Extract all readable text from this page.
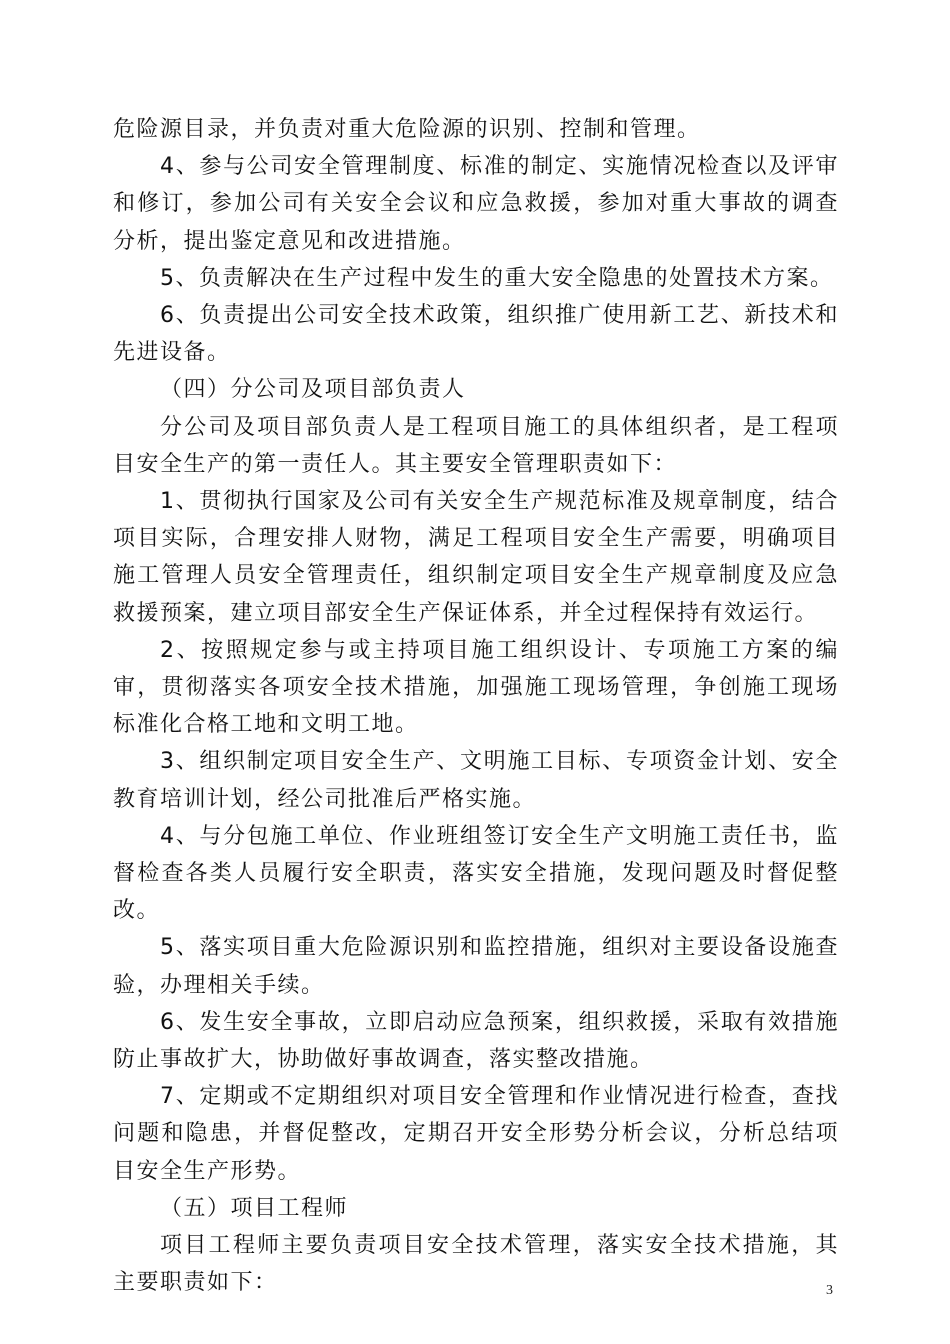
危险源目录，并负责对重大危险源的识别、控制和管理。

4、参与公司安全管理制度、标准的制定、实施情况检查以及评审和修订，参加公司有关安全会议和应急救援，参加对重大事故的调查分析，提出鉴定意见和改进措施。

5、负责解决在生产过程中发生的重大安全隐患的处置技术方案。

6、负责提出公司安全技术政策，组织推广使用新工艺、新技术和先进设备。

（四）分公司及项目部负责人

分公司及项目部负责人是工程项目施工的具体组织者，是工程项目安全生产的第一责任人。其主要安全管理职责如下：

1、贯彻执行国家及公司有关安全生产规范标准及规章制度，结合项目实际，合理安排人财物，满足工程项目安全生产需要，明确项目施工管理人员安全管理责任，组织制定项目安全生产规章制度及应急救援预案，建立项目部安全生产保证体系，并全过程保持有效运行。

2、按照规定参与或主持项目施工组织设计、专项施工方案的编审，贯彻落实各项安全技术措施，加强施工现场管理，争创施工现场标准化合格工地和文明工地。

3、组织制定项目安全生产、文明施工目标、专项资金计划、安全教育培训计划，经公司批准后严格实施。

4、与分包施工单位、作业班组签订安全生产文明施工责任书，监督检查各类人员履行安全职责，落实安全措施，发现问题及时督促整改。

5、落实项目重大危险源识别和监控措施，组织对主要设备设施查验，办理相关手续。

6、发生安全事故，立即启动应急预案，组织救援，采取有效措施防止事故扩大，协助做好事故调查，落实整改措施。

7、定期或不定期组织对项目安全管理和作业情况进行检查，查找问题和隐患，并督促整改，定期召开安全形势分析会议，分析总结项目安全生产形势。

（五）项目工程师

项目工程师主要负责项目安全技术管理，落实安全技术措施，其主要职责如下：	3
